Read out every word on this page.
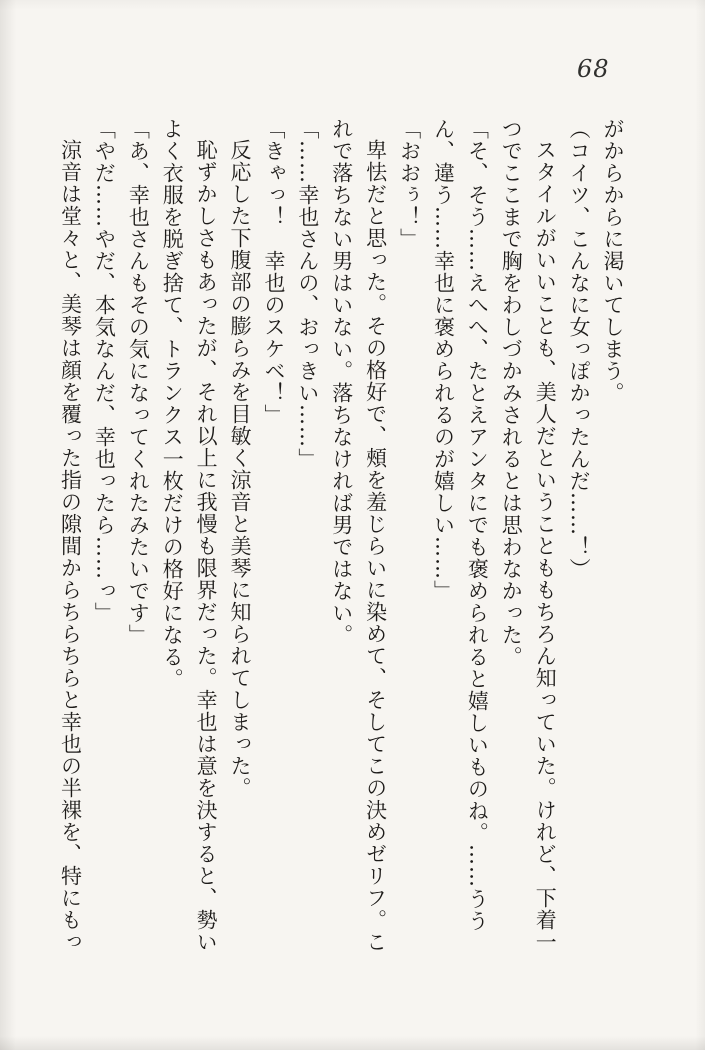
68

がからからに渇いてしまう。

（コイツ、こんなに女っぽかったんだ……！）

スタイルがいいことも、美人だということももちろん知っていた。けれど、下着一つでここまで胸をわしづかみされるとは思わなかった。

「そ、そう……えへへ、たとえアンタにでも褒められると嬉しいものね。……ううん、違う……幸也に褒められるのが嬉しい……」

「おおぅ！」

卑怯だと思った。その格好で、頰を羞じらいに染めて、そしてこの決めゼリフ。これで落ちない男はいない。落ちなければ男ではない。

「……幸也さんの、おっきい……」

「きゃっ！　幸也のスケベ！」

反応した下腹部の膨らみを目敏く涼音と美琴に知られてしまった。

恥ずかしさもあったが、それ以上に我慢も限界だった。幸也は意を決すると、勢いよく衣服を脱ぎ捨て、トランクス一枚だけの格好になる。

「あ、幸也さんもその気になってくれたみたいです」

「やだ……やだ、本気なんだ、幸也ったら……っ」

涼音は堂々と、美琴は顔を覆った指の隙間からちらちらと幸也の半裸を、特にもっ
